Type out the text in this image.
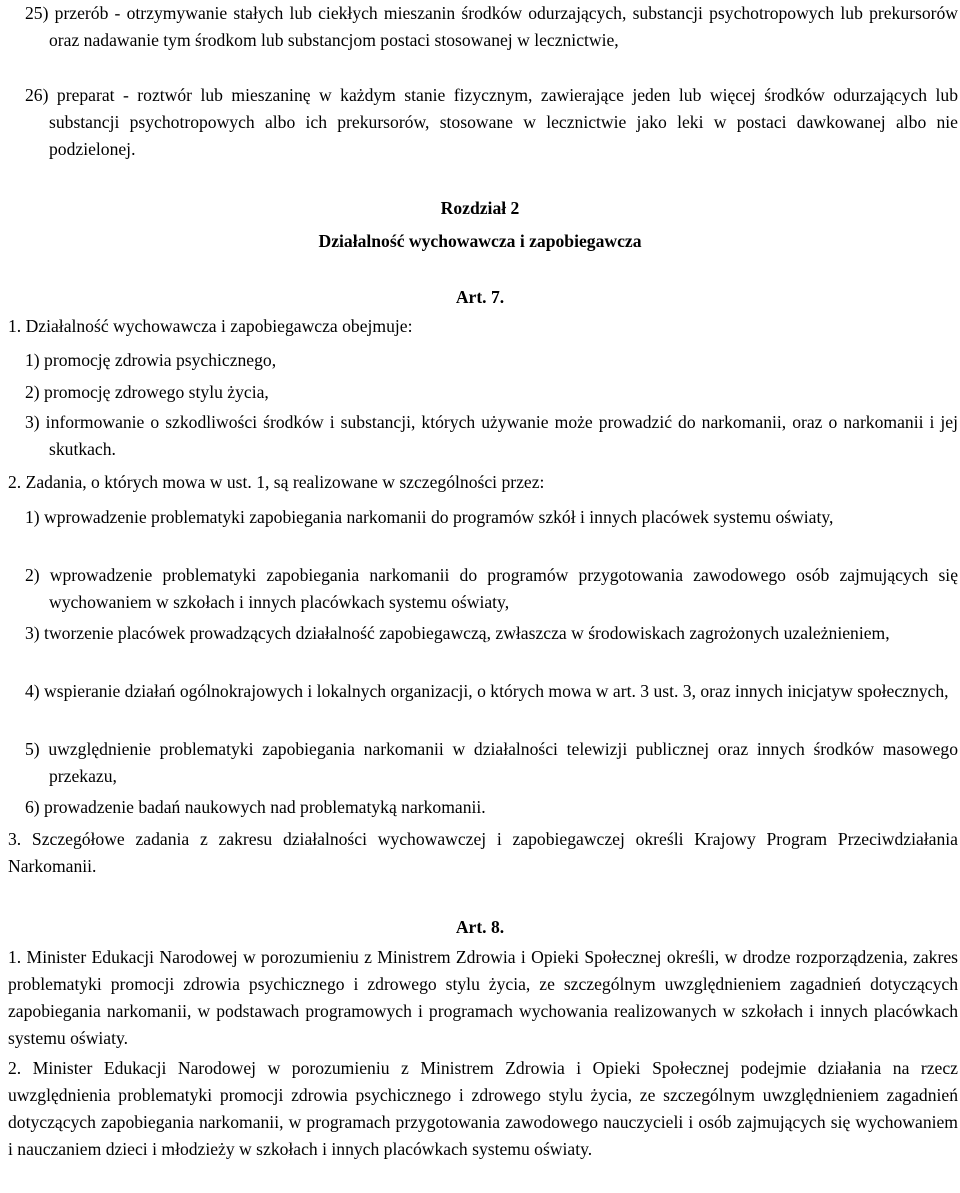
25) przerób - otrzymywanie stałych lub ciekłych mieszanin środków odurzających, substancji psychotropowych lub prekursorów oraz nadawanie tym środkom lub substancjom postaci stosowanej w lecznictwie,
26) preparat - roztwór lub mieszaninę w każdym stanie fizycznym, zawierające jeden lub więcej środków odurzających lub substancji psychotropowych albo ich prekursorów, stosowane w lecznictwie jako leki w postaci dawkowanej albo nie podzielonej.
Rozdział 2
Działalność wychowawcza i zapobiegawcza
Art. 7.
1. Działalność wychowawcza i zapobiegawcza obejmuje:
1) promocję zdrowia psychicznego,
2) promocję zdrowego stylu życia,
3) informowanie o szkodliwości środków i substancji, których używanie może prowadzić do narkomanii, oraz o narkomanii i jej skutkach.
2. Zadania, o których mowa w ust. 1, są realizowane w szczególności przez:
1) wprowadzenie problematyki zapobiegania narkomanii do programów szkół i innych placówek systemu oświaty,
2) wprowadzenie problematyki zapobiegania narkomanii do programów przygotowania zawodowego osób zajmujących się wychowaniem w szkołach i innych placówkach systemu oświaty,
3) tworzenie placówek prowadzących działalność zapobiegawczą, zwłaszcza w środowiskach zagrożonych uzależnieniem,
4) wspieranie działań ogólnokrajowych i lokalnych organizacji, o których mowa w art. 3 ust. 3, oraz innych inicjatyw społecznych,
5) uwzględnienie problematyki zapobiegania narkomanii w działalności telewizji publicznej oraz innych środków masowego przekazu,
6) prowadzenie badań naukowych nad problematyką narkomanii.
3. Szczegółowe zadania z zakresu działalności wychowawczej i zapobiegawczej określi Krajowy Program Przeciwdziałania Narkomanii.
Art. 8.
1. Minister Edukacji Narodowej w porozumieniu z Ministrem Zdrowia i Opieki Społecznej określi, w drodze rozporządzenia, zakres problematyki promocji zdrowia psychicznego i zdrowego stylu życia, ze szczególnym uwzględnieniem zagadnień dotyczących zapobiegania narkomanii, w podstawach programowych i programach wychowania realizowanych w szkołach i innych placówkach systemu oświaty.
2. Minister Edukacji Narodowej w porozumieniu z Ministrem Zdrowia i Opieki Społecznej podejmie działania na rzecz uwzględnienia problematyki promocji zdrowia psychicznego i zdrowego stylu życia, ze szczególnym uwzględnieniem zagadnień dotyczących zapobiegania narkomanii, w programach przygotowania zawodowego nauczycieli i osób zajmujących się wychowaniem i nauczaniem dzieci i młodzieży w szkołach i innych placówkach systemu oświaty.
